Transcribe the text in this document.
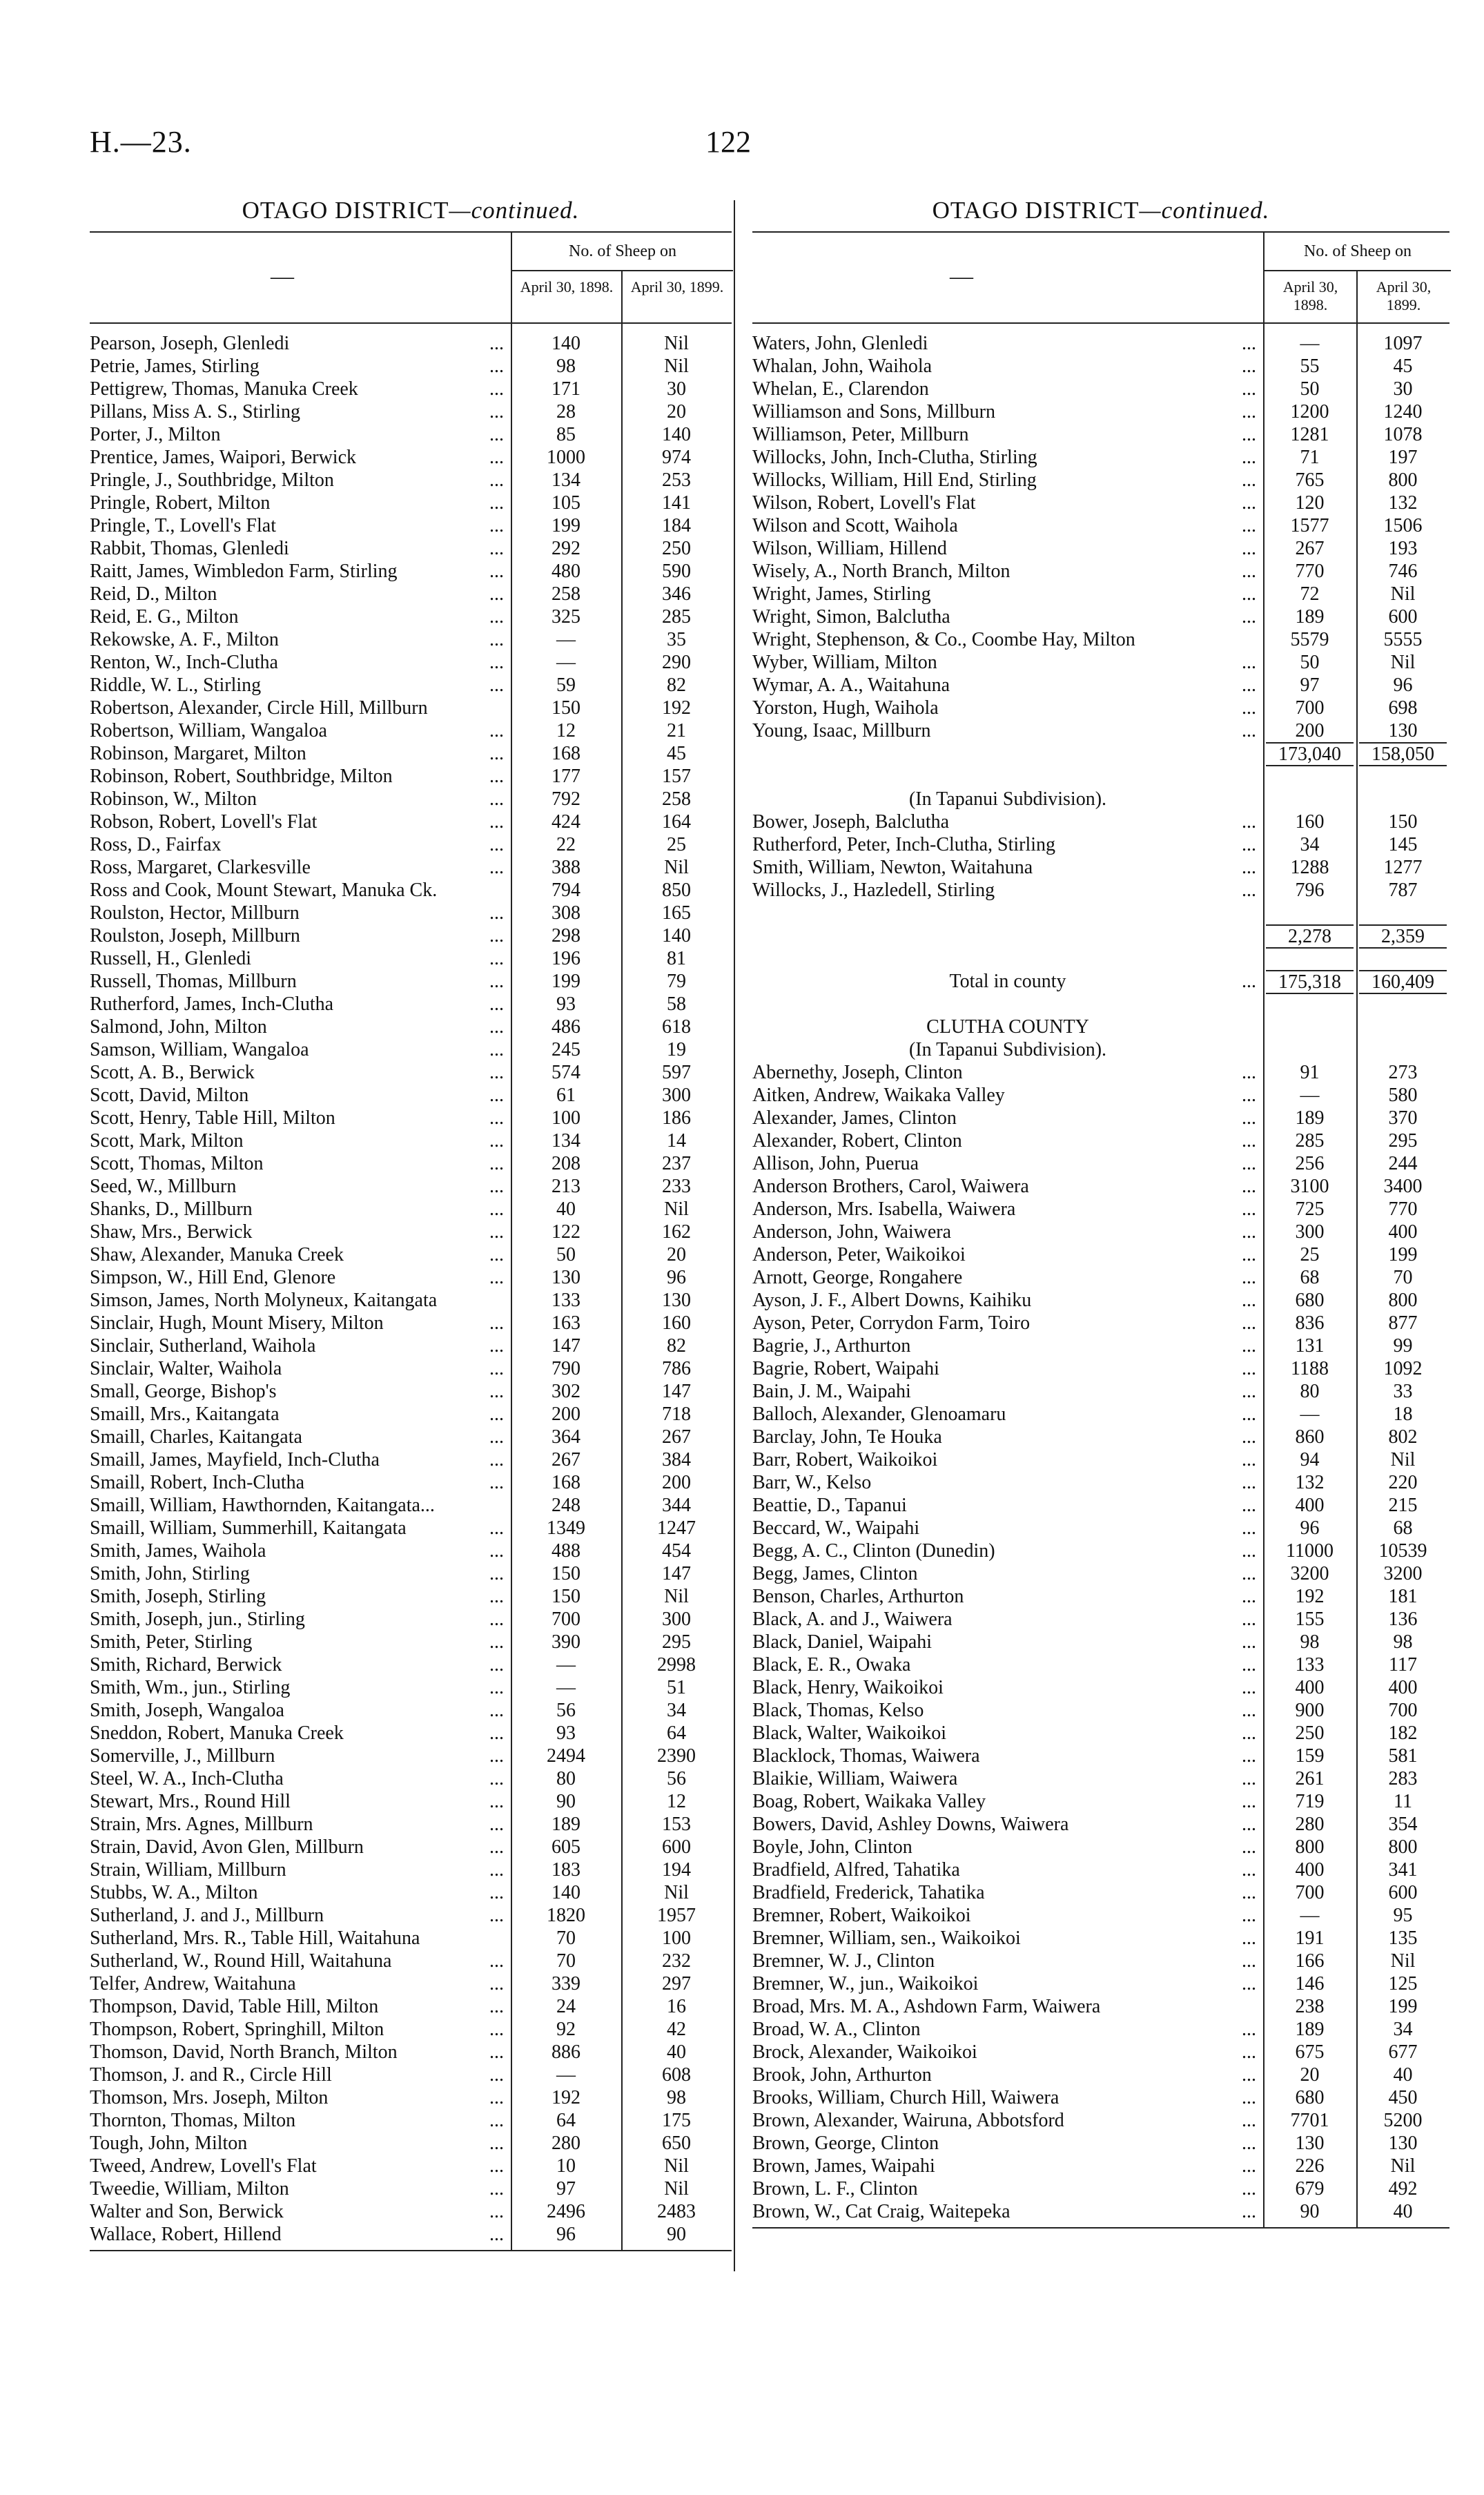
H.—23.	122
OTAGO DISTRICT—continued.
—
No. of Sheep on
April 30, 1898.	April 30, 1899.
Pearson, Joseph, Glenledi	...	140	Nil
Petrie, James, Stirling	...	98	Nil
Pettigrew, Thomas, Manuka Creek	...	171	30
Pillans, Miss A. S., Stirling	...	28	20
Porter, J., Milton	...	85	140
Prentice, James, Waipori, Berwick	...	1000	974
Pringle, J., Southbridge, Milton	...	134	253
Pringle, Robert, Milton	...	105	141
Pringle, T., Lovell's Flat	...	199	184
Rabbit, Thomas, Glenledi	...	292	250
Raitt, James, Wimbledon Farm, Stirling	...	480	590
Reid, D., Milton	...	258	346
Reid, E. G., Milton	...	325	285
Rekowske, A. F., Milton	...	—	35
Renton, W., Inch-Clutha	...	—	290
Riddle, W. L., Stirling	...	59	82
Robertson, Alexander, Circle Hill, Millburn	150	192
Robertson, William, Wangaloa	...	12	21
Robinson, Margaret, Milton	...	168	45
Robinson, Robert, Southbridge, Milton	...	177	157
Robinson, W., Milton	...	792	258
Robson, Robert, Lovell's Flat	...	424	164
Ross, D., Fairfax	...	22	25
Ross, Margaret, Clarkesville	...	388	Nil
Ross and Cook, Mount Stewart, Manuka Ck.	794	850
Roulston, Hector, Millburn	...	308	165
Roulston, Joseph, Millburn	...	298	140
Russell, H., Glenledi	...	196	81
Russell, Thomas, Millburn	...	199	79
Rutherford, James, Inch-Clutha	...	93	58
Salmond, John, Milton	...	486	618
Samson, William, Wangaloa	...	245	19
Scott, A. B., Berwick	...	574	597
Scott, David, Milton	...	61	300
Scott, Henry, Table Hill, Milton	...	100	186
Scott, Mark, Milton	...	134	14
Scott, Thomas, Milton	...	208	237
Seed, W., Millburn	...	213	233
Shanks, D., Millburn	...	40	Nil
Shaw, Mrs., Berwick	...	122	162
Shaw, Alexander, Manuka Creek	...	50	20
Simpson, W., Hill End, Glenore	...	130	96
Simson, James, North Molyneux, Kaitangata	133	130
Sinclair, Hugh, Mount Misery, Milton	...	163	160
Sinclair, Sutherland, Waihola	...	147	82
Sinclair, Walter, Waihola	...	790	786
Small, George, Bishop's	...	302	147
Smaill, Mrs., Kaitangata	...	200	718
Smaill, Charles, Kaitangata	...	364	267
Smaill, James, Mayfield, Inch-Clutha	...	267	384
Smaill, Robert, Inch-Clutha	...	168	200
Smaill, William, Hawthornden, Kaitangata...	248	344
Smaill, William, Summerhill, Kaitangata	...	1349	1247
Smith, James, Waihola	...	488	454
Smith, John, Stirling	...	150	147
Smith, Joseph, Stirling	...	150	Nil
Smith, Joseph, jun., Stirling	...	700	300
Smith, Peter, Stirling	...	390	295
Smith, Richard, Berwick	...	—	2998
Smith, Wm., jun., Stirling	...	—	51
Smith, Joseph, Wangaloa	...	56	34
Sneddon, Robert, Manuka Creek	...	93	64
Somerville, J., Millburn	...	2494	2390
Steel, W. A., Inch-Clutha	...	80	56
Stewart, Mrs., Round Hill	...	90	12
Strain, Mrs. Agnes, Millburn	...	189	153
Strain, David, Avon Glen, Millburn	...	605	600
Strain, William, Millburn	...	183	194
Stubbs, W. A., Milton	...	140	Nil
Sutherland, J. and J., Millburn	...	1820	1957
Sutherland, Mrs. R., Table Hill, Waitahuna	70	100
Sutherland, W., Round Hill, Waitahuna	...	70	232
Telfer, Andrew, Waitahuna	...	339	297
Thompson, David, Table Hill, Milton	...	24	16
Thompson, Robert, Springhill, Milton	...	92	42
Thomson, David, North Branch, Milton	...	886	40
Thomson, J. and R., Circle Hill	...	—	608
Thomson, Mrs. Joseph, Milton	...	192	98
Thornton, Thomas, Milton	...	64	175
Tough, John, Milton	...	280	650
Tweed, Andrew, Lovell's Flat	...	10	Nil
Tweedie, William, Milton	...	97	Nil
Walter and Son, Berwick	...	2496	2483
Wallace, Robert, Hillend	...	96	90
OTAGO DISTRICT—continued.
—
No. of Sheep on
April 30, 1898.
April 30, 1899.
Waters, John, Glenledi	...	—	1097
Whalan, John, Waihola	...	55	45
Whelan, E., Clarendon	...	50	30
Williamson and Sons, Millburn	...	1200	1240
Williamson, Peter, Millburn	...	1281	1078
Willocks, John, Inch-Clutha, Stirling	...	71	197
Willocks, William, Hill End, Stirling	...	765	800
Wilson, Robert, Lovell's Flat	...	120	132
Wilson and Scott, Waihola	...	1577	1506
Wilson, William, Hillend	...	267	193
Wisely, A., North Branch, Milton	...	770	746
Wright, James, Stirling	...	72	Nil
Wright, Simon, Balclutha	...	189	600
Wright, Stephenson, & Co., Coombe Hay, Milton	5579	5555
Wyber, William, Milton	...	50	Nil
Wymar, A. A., Waitahuna	...	97	96
Yorston, Hugh, Waihola	...	700	698
Young, Isaac, Millburn	...	200	130
173,040	158,050
(In Tapanui Subdivision).
Bower, Joseph, Balclutha	...	160	150
Rutherford, Peter, Inch-Clutha, Stirling	...	34	145
Smith, William, Newton, Waitahuna	...	1288	1277
Willocks, J., Hazledell, Stirling	...	796	787
2,278	2,359
Total in county	...	175,318	160,409
CLUTHA COUNTY
(In Tapanui Subdivision).
Abernethy, Joseph, Clinton	...	91	273
Aitken, Andrew, Waikaka Valley	...	—	580
Alexander, James, Clinton	...	189	370
Alexander, Robert, Clinton	...	285	295
Allison, John, Puerua	...	256	244
Anderson Brothers, Carol, Waiwera	...	3100	3400
Anderson, Mrs. Isabella, Waiwera	...	725	770
Anderson, John, Waiwera	...	300	400
Anderson, Peter, Waikoikoi	...	25	199
Arnott, George, Rongahere	...	68	70
Ayson, J. F., Albert Downs, Kaihiku	...	680	800
Ayson, Peter, Corrydon Farm, Toiro	...	836	877
Bagrie, J., Arthurton	...	131	99
Bagrie, Robert, Waipahi	...	1188	1092
Bain, J. M., Waipahi	...	80	33
Balloch, Alexander, Glenoamaru	...	—	18
Barclay, John, Te Houka	...	860	802
Barr, Robert, Waikoikoi	...	94	Nil
Barr, W., Kelso	...	132	220
Beattie, D., Tapanui	...	400	215
Beccard, W., Waipahi	...	96	68
Begg, A. C., Clinton (Dunedin)	...	11000	10539
Begg, James, Clinton	...	3200	3200
Benson, Charles, Arthurton	...	192	181
Black, A. and J., Waiwera	...	155	136
Black, Daniel, Waipahi	...	98	98
Black, E. R., Owaka	...	133	117
Black, Henry, Waikoikoi	...	400	400
Black, Thomas, Kelso	...	900	700
Black, Walter, Waikoikoi	...	250	182
Blacklock, Thomas, Waiwera	...	159	581
Blaikie, William, Waiwera	...	261	283
Boag, Robert, Waikaka Valley	...	719	11
Bowers, David, Ashley Downs, Waiwera	...	280	354
Boyle, John, Clinton	...	800	800
Bradfield, Alfred, Tahatika	...	400	341
Bradfield, Frederick, Tahatika	...	700	600
Bremner, Robert, Waikoikoi	...	—	95
Bremner, William, sen., Waikoikoi	...	191	135
Bremner, W. J., Clinton	...	166	Nil
Bremner, W., jun., Waikoikoi	...	146	125
Broad, Mrs. M. A., Ashdown Farm, Waiwera	238	199
Broad, W. A., Clinton	...	189	34
Brock, Alexander, Waikoikoi	...	675	677
Brook, John, Arthurton	...	20	40
Brooks, William, Church Hill, Waiwera	...	680	450
Brown, Alexander, Wairuna, Abbotsford	...	7701	5200
Brown, George, Clinton	...	130	130
Brown, James, Waipahi	...	226	Nil
Brown, L. F., Clinton	...	679	492
Brown, W., Cat Craig, Waitepeka	...	90	40
